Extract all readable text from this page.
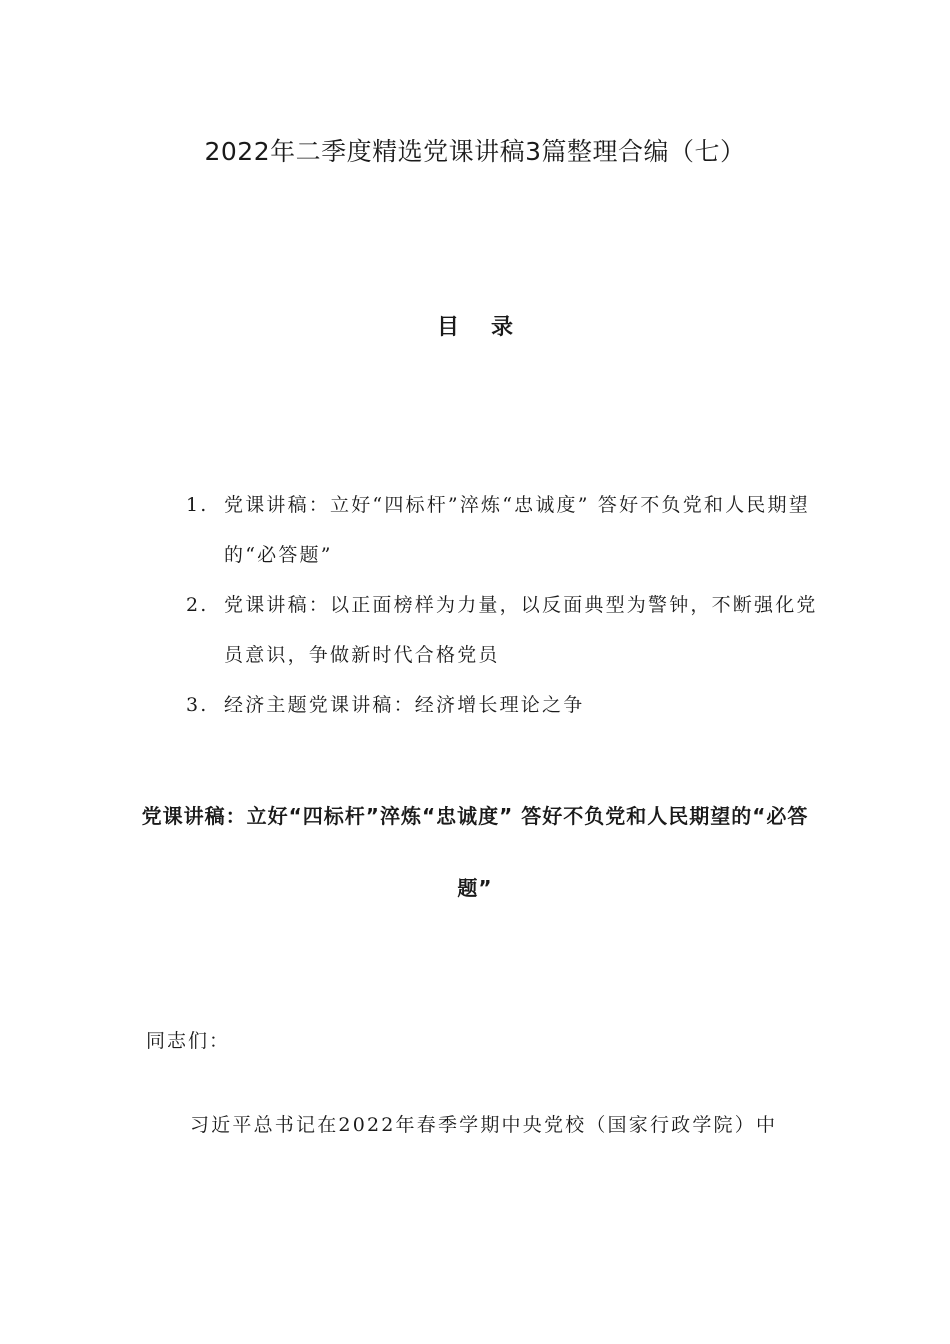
2022年二季度精选党课讲稿3篇整理合编（七）
目录
1. 党课讲稿：立好“四标杆”淬炼“忠诚度” 答好不负党和人民期望的“必答题”
2. 党课讲稿：以正面榜样为力量，以反面典型为警钟，不断强化党员意识，争做新时代合格党员
3. 经济主题党课讲稿：经济增长理论之争
党课讲稿：立好“四标杆”淬炼“忠诚度” 答好不负党和人民期望的“必答题”
同志们：
习近平总书记在2022年春季学期中央党校（国家行政学院）中
